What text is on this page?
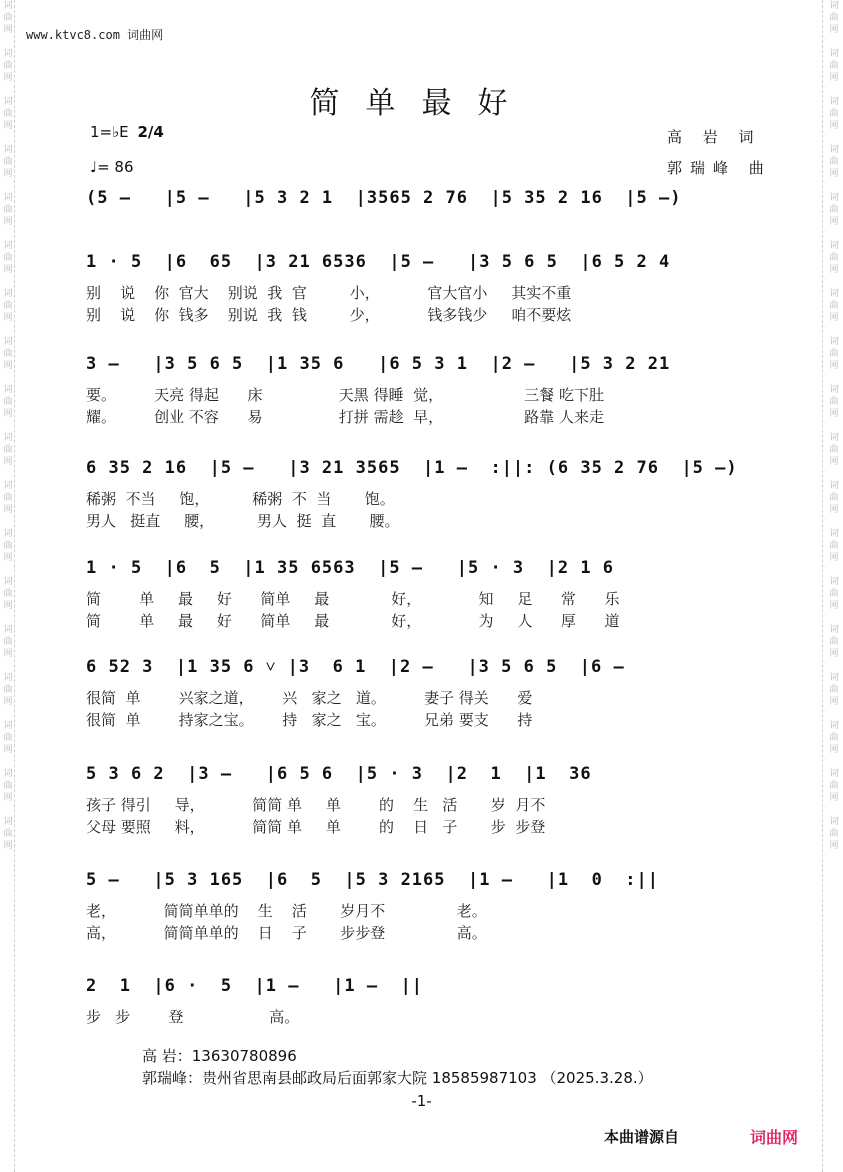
词曲网

词曲网

词曲网

词曲网

词曲网

词曲网

词曲网

词曲网

词曲网

词曲网

词曲网

词曲网

词曲网

词曲网

词曲网

词曲网

词曲网

词曲网

词曲网

词曲网

词曲网

词曲网

词曲网

词曲网

词曲网

词曲网

词曲网

词曲网

词曲网

词曲网

词曲网

词曲网

词曲网

词曲网

词曲网

词曲网

www.ktvc8.com 词曲网
简单最好
1=♭E 2/4
♩= 86
高 岩 词
郭瑞峰 曲
(5 –   |5 –   |5 3 2 1  |3565 2 76  |5 35 2 16  |5 –)
1 · 5  |6  65  |3 21 6536  |5 –   |3 5 6 5  |6 5 2 4
别    说    你  官大    别说  我  官         小，          官大官小     其实不重
别    说    你  钱多    别说  我  钱         少，          钱多钱少     咱不要炫
3 –   |3 5 6 5  |1 35 6   |6 5 3 1  |2 –   |5 3 2 21
要。        天亮 得起      床                天黑 得睡  觉，                 三餐 吃下肚
耀。        创业 不容      易                打拼 需趁  早，                 路靠 人来走
6 35 2 16  |5 –   |3 21 3565  |1 –  :||: (6 35 2 76  |5 –)
稀粥  不当     饱，         稀粥  不  当       饱。
男人   挺直     腰，         男人  挺  直       腰。
1 · 5  |6  5  |1 35 6563  |5 –   |5 · 3  |2 1 6
简        单     最     好      简单     最             好，            知     足      常      乐
简        单     最     好      简单     最             好，            为     人      厚      道
6 52 3  |1 35 6 ˅ |3  6 1  |2 –   |3 5 6 5  |6 –
很简  单        兴家之道，      兴   家之   道。        妻子 得关      爱
很简  单        持家之宝。      持   家之   宝。        兄弟 要支      持
5 3 6 2  |3 –   |6 5 6  |5 · 3  |2  1  |1  36
孩子 得引     导，          简简 单     单        的    生   活       岁  月不
父母 要照     料，          简简 单     单        的    日   子       步  步登
5 –   |5 3 165  |6  5  |5 3 2165  |1 –   |1  0  :||
老，          简简单单的    生    活       岁月不               老。
高，          简简单单的    日    子       步步登               高。
2  1  |6 ·  5  |1 –   |1 –  ||
步   步        登                  高。
高 岩：13630780896
郭瑞峰：贵州省思南县邮政局后面郭家大院 18585987103 （2025.3.28.）
-1-
本曲谱源自	词曲网
